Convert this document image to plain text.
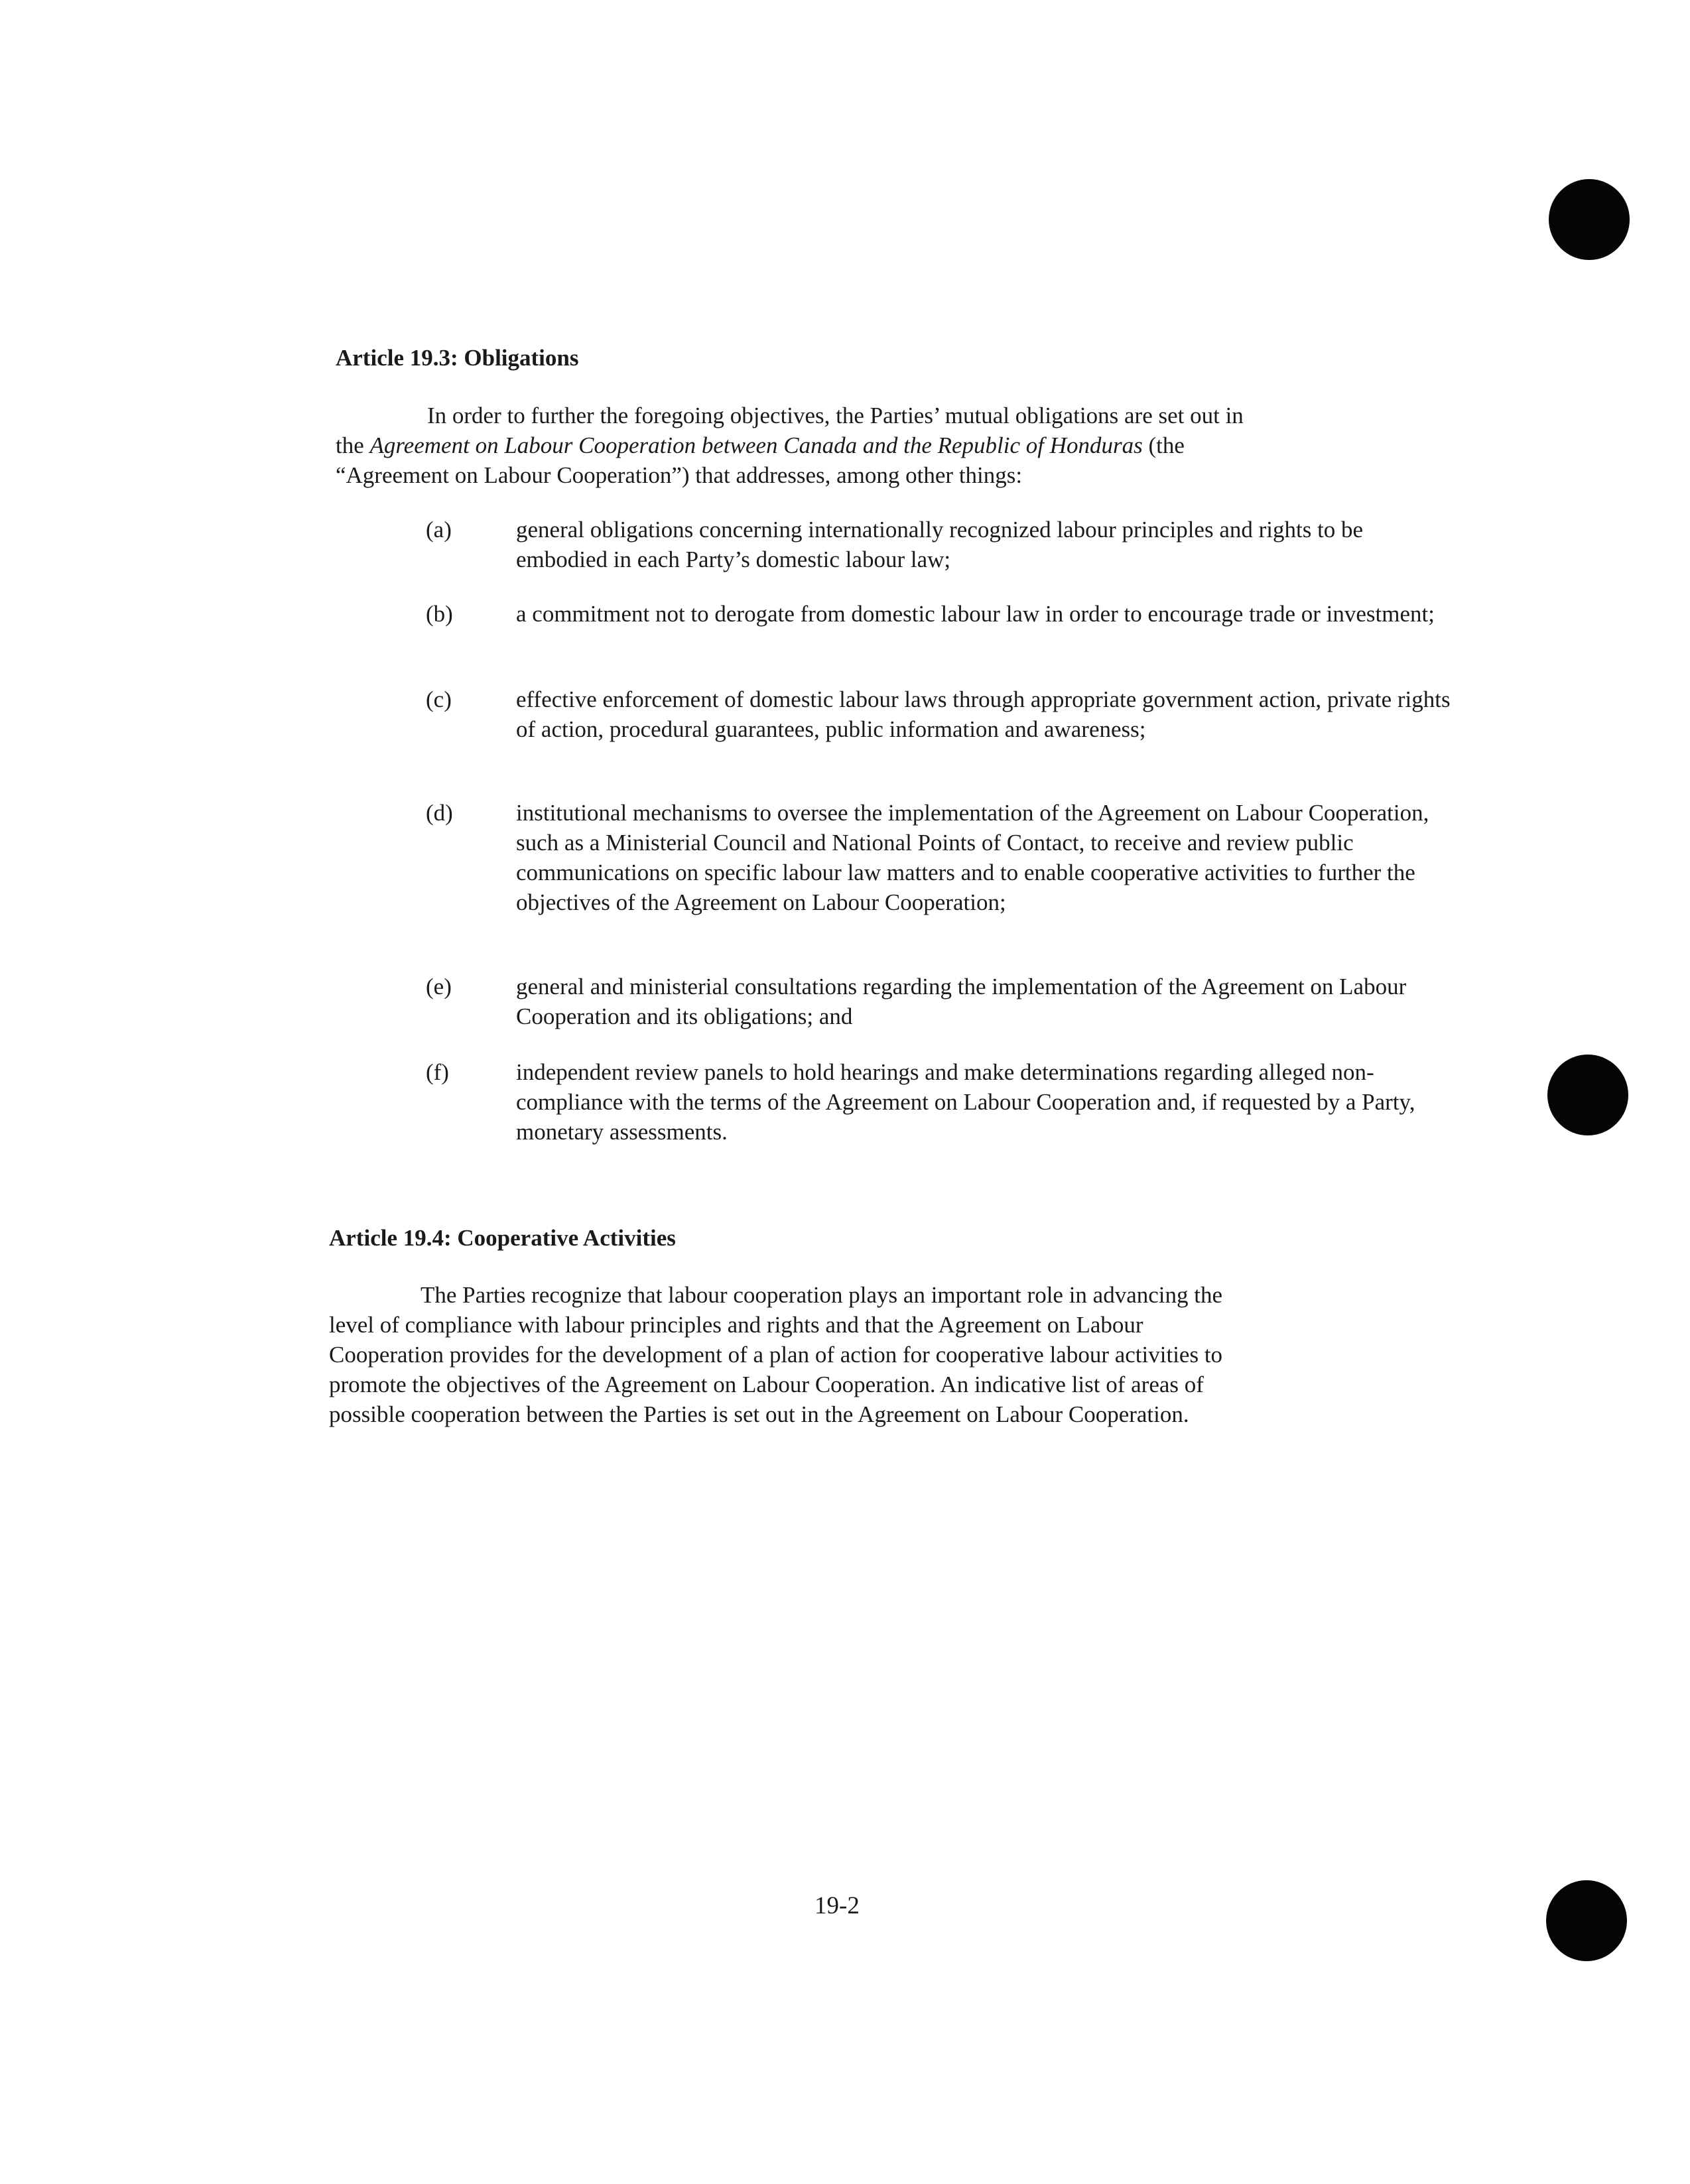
Article 19.3: Obligations

In order to further the foregoing objectives, the Parties’ mutual obligations are set out in
the Agreement on Labour Cooperation between Canada and the Republic of Honduras (the
“Agreement on Labour Cooperation”) that addresses, among other things:

(a)	general obligations concerning internationally recognized labour principles and rights to be embodied in each Party’s domestic labour law;
(b)	a commitment not to derogate from domestic labour law in order to encourage trade or investment;
(c)	effective enforcement of domestic labour laws through appropriate government action, private rights of action, procedural guarantees, public information and awareness;
(d)	institutional mechanisms to oversee the implementation of the Agreement on Labour Cooperation, such as a Ministerial Council and National Points of Contact, to receive and review public communications on specific labour law matters and to enable cooperative activities to further the objectives of the Agreement on Labour Cooperation;
(e)	general and ministerial consultations regarding the implementation of the Agreement on Labour Cooperation and its obligations; and
(f)	independent review panels to hold hearings and make determinations regarding alleged non-compliance with the terms of the Agreement on Labour Cooperation and, if requested by a Party, monetary assessments.
Article 19.4: Cooperative Activities

The Parties recognize that labour cooperation plays an important role in advancing the
level of compliance with labour principles and rights and that the Agreement on Labour
Cooperation provides for the development of a plan of action for cooperative labour activities to
promote the objectives of the Agreement on Labour Cooperation. An indicative list of areas of
possible cooperation between the Parties is set out in the Agreement on Labour Cooperation.

19-2
